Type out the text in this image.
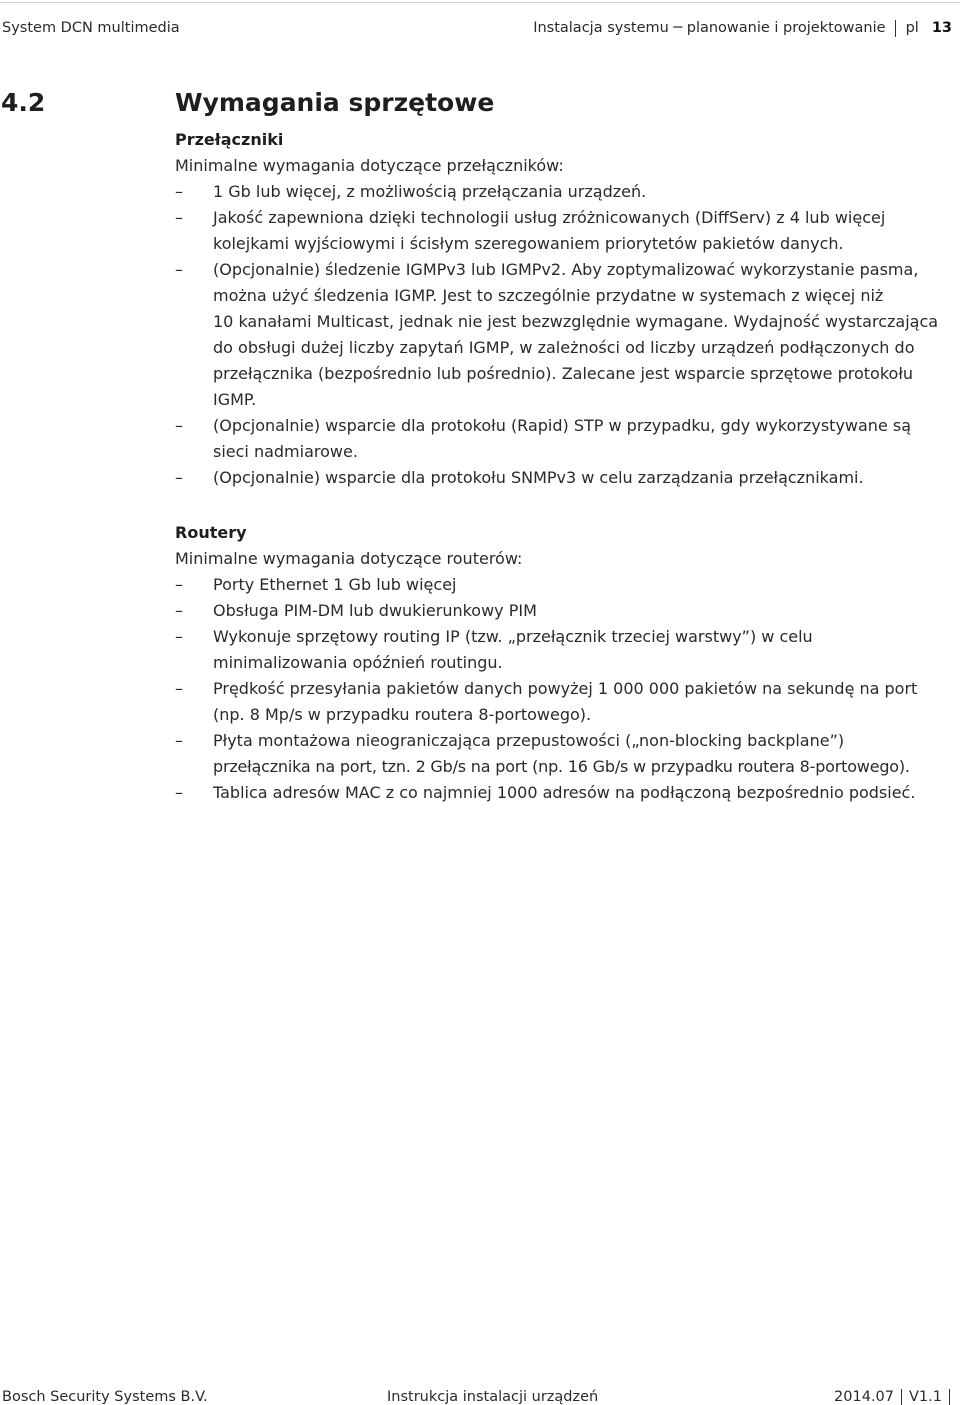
System DCN multimedia	Instalacja systemu ─ planowanie i projektowanie pl 13
4.2	Wymagania sprzętowe
Przełączniki
Minimalne wymagania dotyczące przełączników:
– 1 Gb lub więcej, z możliwością przełączania urządzeń.
– Jakość zapewniona dzięki technologii usług zróżnicowanych (DiffServ) z 4 lub więcej
kolejkami wyjściowymi i ścisłym szeregowaniem priorytetów pakietów danych.
– (Opcjonalnie) śledzenie IGMPv3 lub IGMPv2. Aby zoptymalizować wykorzystanie pasma,
można użyć śledzenia IGMP. Jest to szczególnie przydatne w systemach z więcej niż
10 kanałami Multicast, jednak nie jest bezwzględnie wymagane. Wydajność wystarczająca
do obsługi dużej liczby zapytań IGMP, w zależności od liczby urządzeń podłączonych do
przełącznika (bezpośrednio lub pośrednio). Zalecane jest wsparcie sprzętowe protokołu
IGMP.
– (Opcjonalnie) wsparcie dla protokołu (Rapid) STP w przypadku, gdy wykorzystywane są
sieci nadmiarowe.
– (Opcjonalnie) wsparcie dla protokołu SNMPv3 w celu zarządzania przełącznikami.
Routery
Minimalne wymagania dotyczące routerów:
– Porty Ethernet 1 Gb lub więcej
– Obsługa PIM-DM lub dwukierunkowy PIM
– Wykonuje sprzętowy routing IP (tzw. „przełącznik trzeciej warstwy”) w celu
minimalizowania opóźnień routingu.
– Prędkość przesyłania pakietów danych powyżej 1 000 000 pakietów na sekundę na port
(np. 8 Mp/s w przypadku routera 8-portowego).
– Płyta montażowa nieograniczająca przepustowości („non-blocking backplane”)
przełącznika na port, tzn. 2 Gb/s na port (np. 16 Gb/s w przypadku routera 8-portowego).
– Tablica adresów MAC z co najmniej 1000 adresów na podłączoną bezpośrednio podsieć.
Bosch Security Systems B.V.	Instrukcja instalacji urządzeń	2014.07 V1.1
